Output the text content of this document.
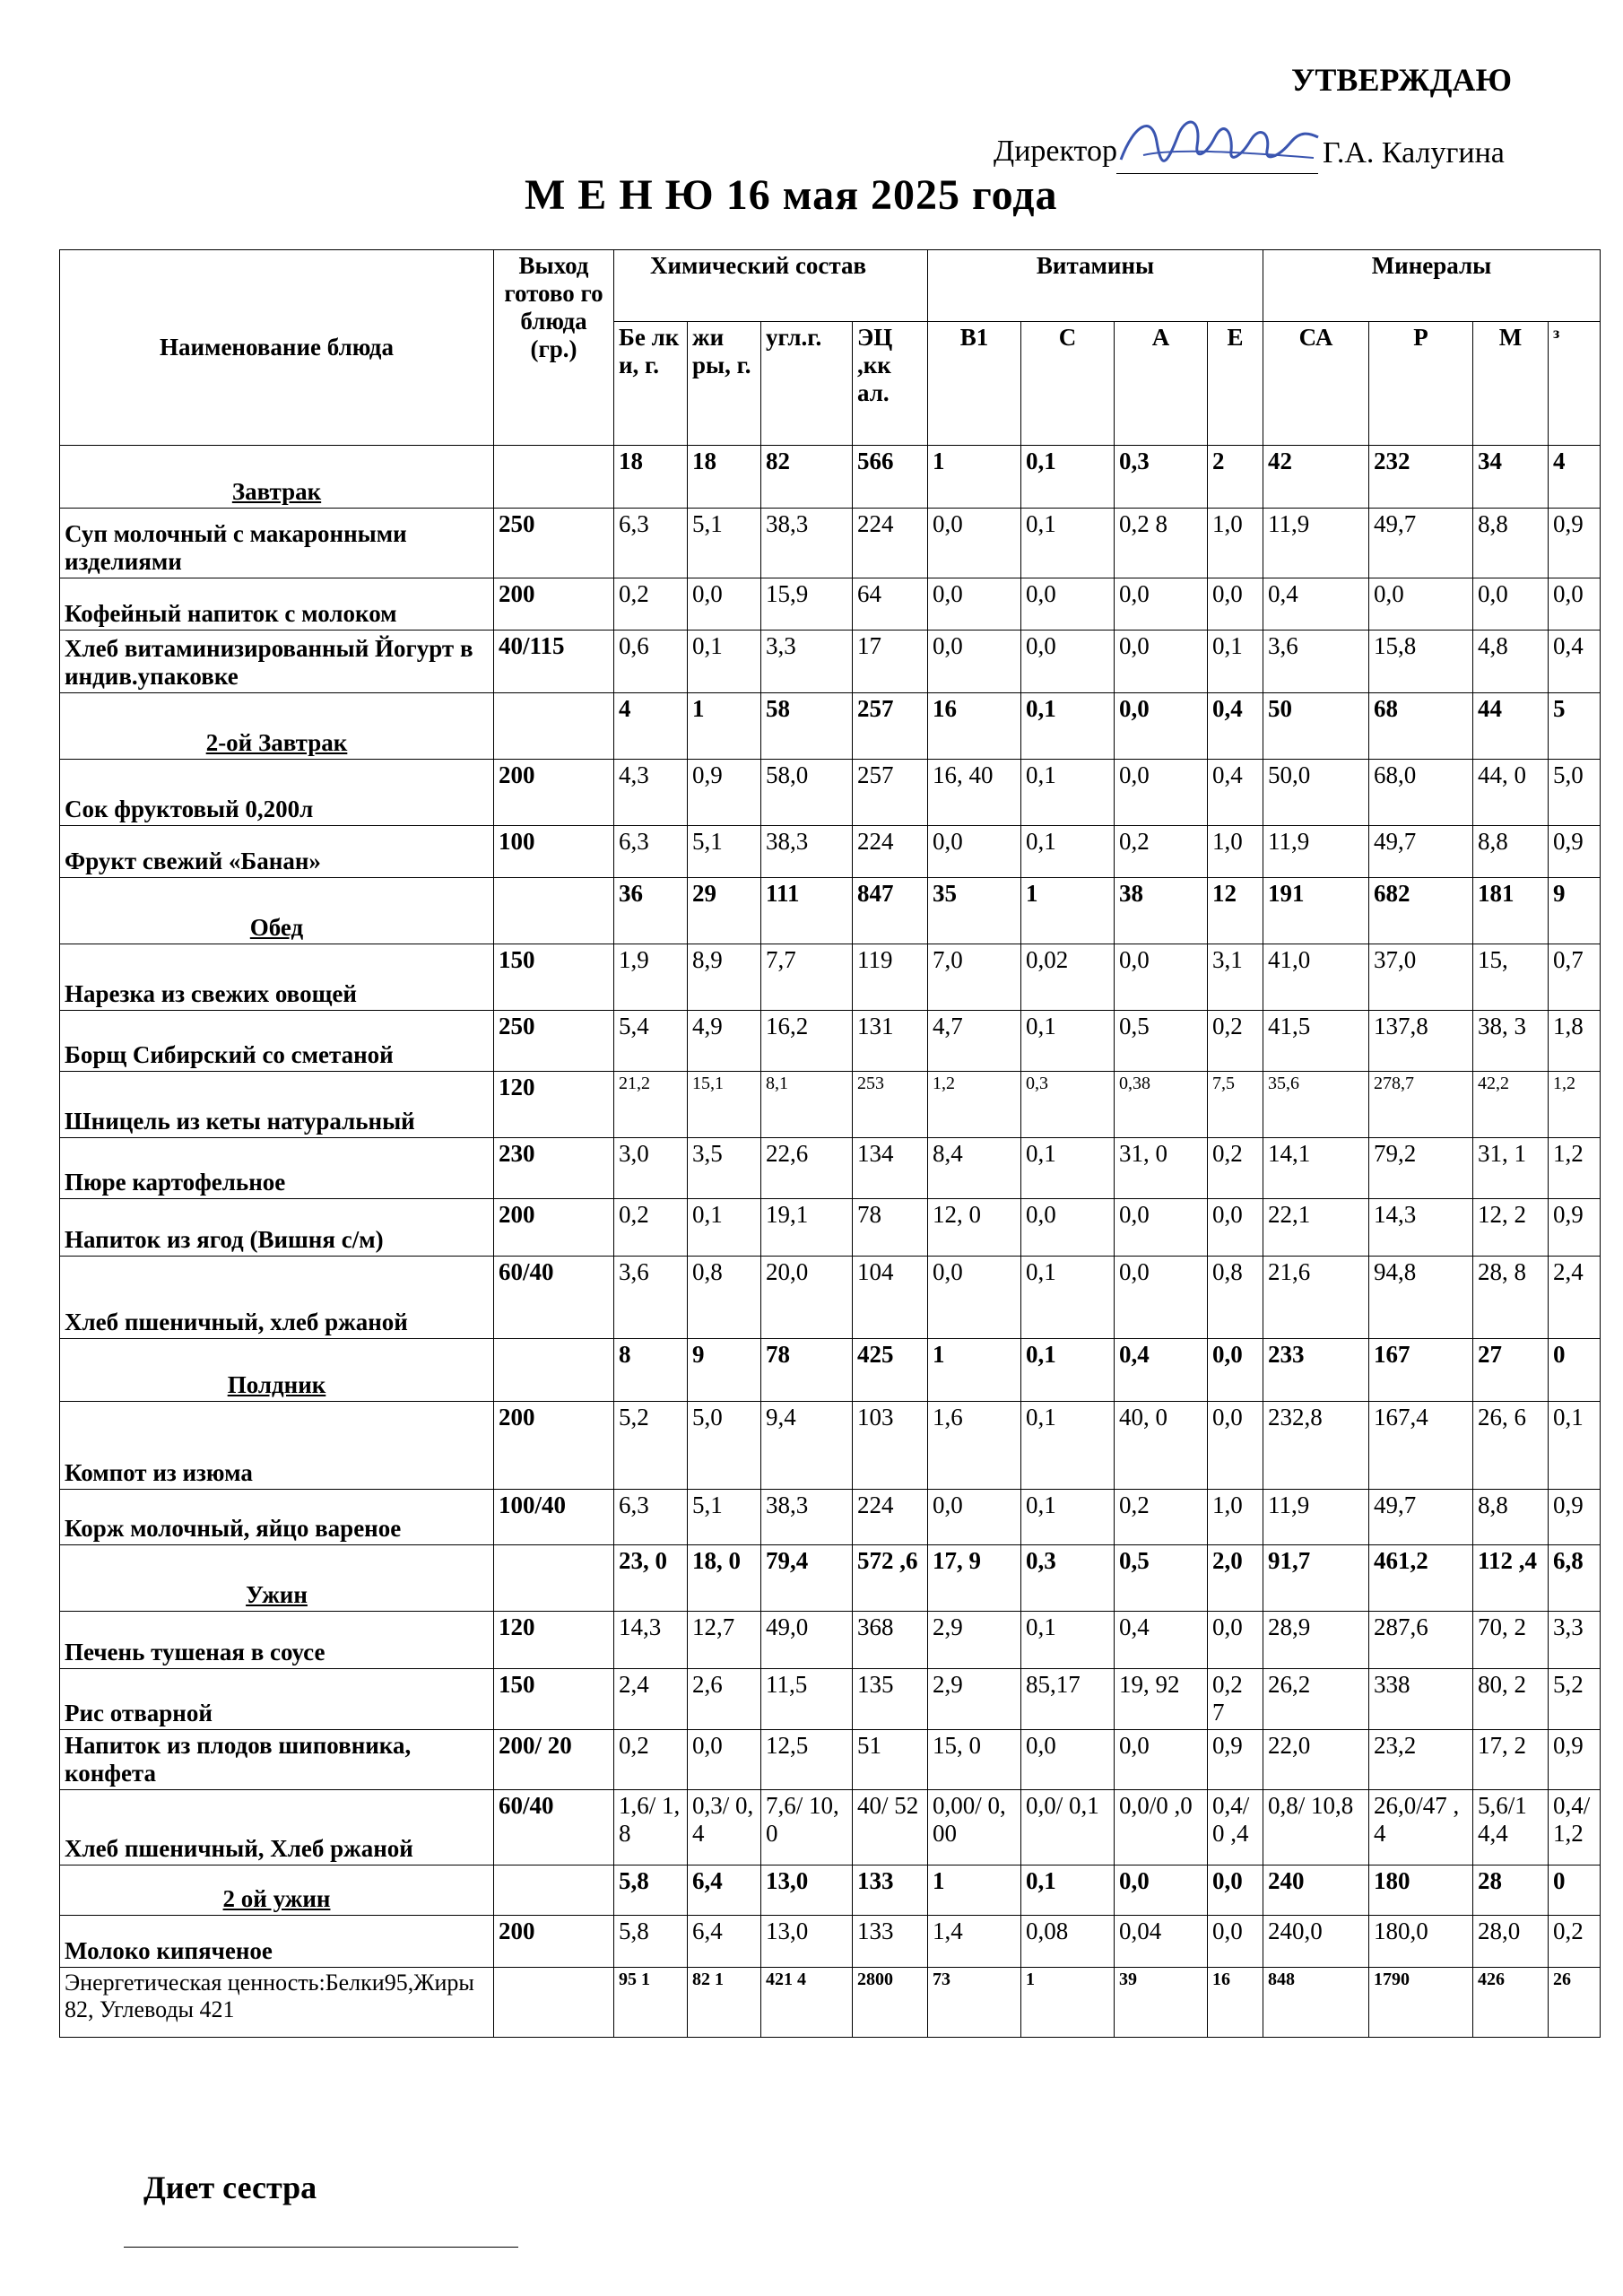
УТВЕРЖДАЮ
Директор	Г.А. Калугина
М Е Н Ю 16 мая 2025 года
Наименование блюда	Выход готово го блюда (гр.)	Химический состав				Витамины				Минералы			
		Бе лк и, г.	жи ры, г.	угл.г.	ЭЦ ,кк ал.	В1	С	А	Е	СА	Р	М	з
Завтрак		18	18	82	566	1	0,1	0,3	2	42	232	34	4
Суп молочный с макаронными изделиями	250	6,3	5,1	38,3	224	0,0	0,1	0,2 8	1,0	11,9	49,7	8,8	0,9
Кофейный напиток с молоком	200	0,2	0,0	15,9	64	0,0	0,0	0,0	0,0	0,4	0,0	0,0	0,0
Хлеб витаминизированный Йогурт в индив.упаковке	40/115	0,6	0,1	3,3	17	0,0	0,0	0,0	0,1	3,6	15,8	4,8	0,4
2-ой Завтрак		4	1	58	257	16	0,1	0,0	0,4	50	68	44	5
Сок фруктовый 0,200л	200	4,3	0,9	58,0	257	16, 40	0,1	0,0	0,4	50,0	68,0	44, 0	5,0
Фрукт свежий «Банан»	100	6,3	5,1	38,3	224	0,0	0,1	0,2	1,0	11,9	49,7	8,8	0,9
Обед		36	29	111	847	35	1	38	12	191	682	181	9
Нарезка из свежих овощей	150	1,9	8,9	7,7	119	7,0	0,02	0,0	3,1	41,0	37,0	15,	0,7
Борщ Сибирский со сметаной	250	5,4	4,9	16,2	131	4,7	0,1	0,5	0,2	41,5	137,8	38, 3	1,8
Шницель из кеты натуральный	120	21,2	15,1	8,1	253	1,2	0,3	0,38	7,5	35,6	278,7	42,2	1,2
Пюре картофельное	230	3,0	3,5	22,6	134	8,4	0,1	31, 0	0,2	14,1	79,2	31, 1	1,2
Напиток из ягод (Вишня с/м)	200	0,2	0,1	19,1	78	12, 0	0,0	0,0	0,0	22,1	14,3	12, 2	0,9
Хлеб пшеничный, хлеб ржаной	60/40	3,6	0,8	20,0	104	0,0	0,1	0,0	0,8	21,6	94,8	28, 8	2,4
Полдник		8	9	78	425	1	0,1	0,4	0,0	233	167	27	0
Компот из изюма	200	5,2	5,0	9,4	103	1,6	0,1	40, 0	0,0	232,8	167,4	26, 6	0,1
Корж молочный, яйцо вареное	100/40	6,3	5,1	38,3	224	0,0	0,1	0,2	1,0	11,9	49,7	8,8	0,9
Ужин		23, 0	18, 0	79,4	572 ,6	17, 9	0,3	0,5	2,0	91,7	461,2	112 ,4	6,8
Печень тушеная в соусе	120	14,3	12,7	49,0	368	2,9	0,1	0,4	0,0	28,9	287,6	70, 2	3,3
Рис отварной	150	2,4	2,6	11,5	135	2,9	85,17	19, 92	0,2 7	26,2	338	80, 2	5,2
Напиток из плодов шиповника, конфета	200/ 20	0,2	0,0	12,5	51	15, 0	0,0	0,0	0,9	22,0	23,2	17, 2	0,9
Хлеб пшеничный, Хлеб ржаной	60/40	1,6/ 1,8	0,3/ 0,4	7,6/ 10,0	40/ 52	0,00/ 0,00	0,0/ 0,1	0,0/0 ,0	0,4/0 ,4	0,8/ 10,8	26,0/47 ,4	5,6/1 4,4	0,4/ 1,2
2 ой ужин		5,8	6,4	13,0	133	1	0,1	0,0	0,0	240	180	28	0
Молоко кипяченое	200	5,8	6,4	13,0	133	1,4	0,08	0,04	0,0	240,0	180,0	28,0	0,2
Энергетическая ценность:Белки95,Жиры 82, Углеводы 421		95 1	82 1	421 4	2800	73	1	39	16	848	1790	426	26
Диет сестра
